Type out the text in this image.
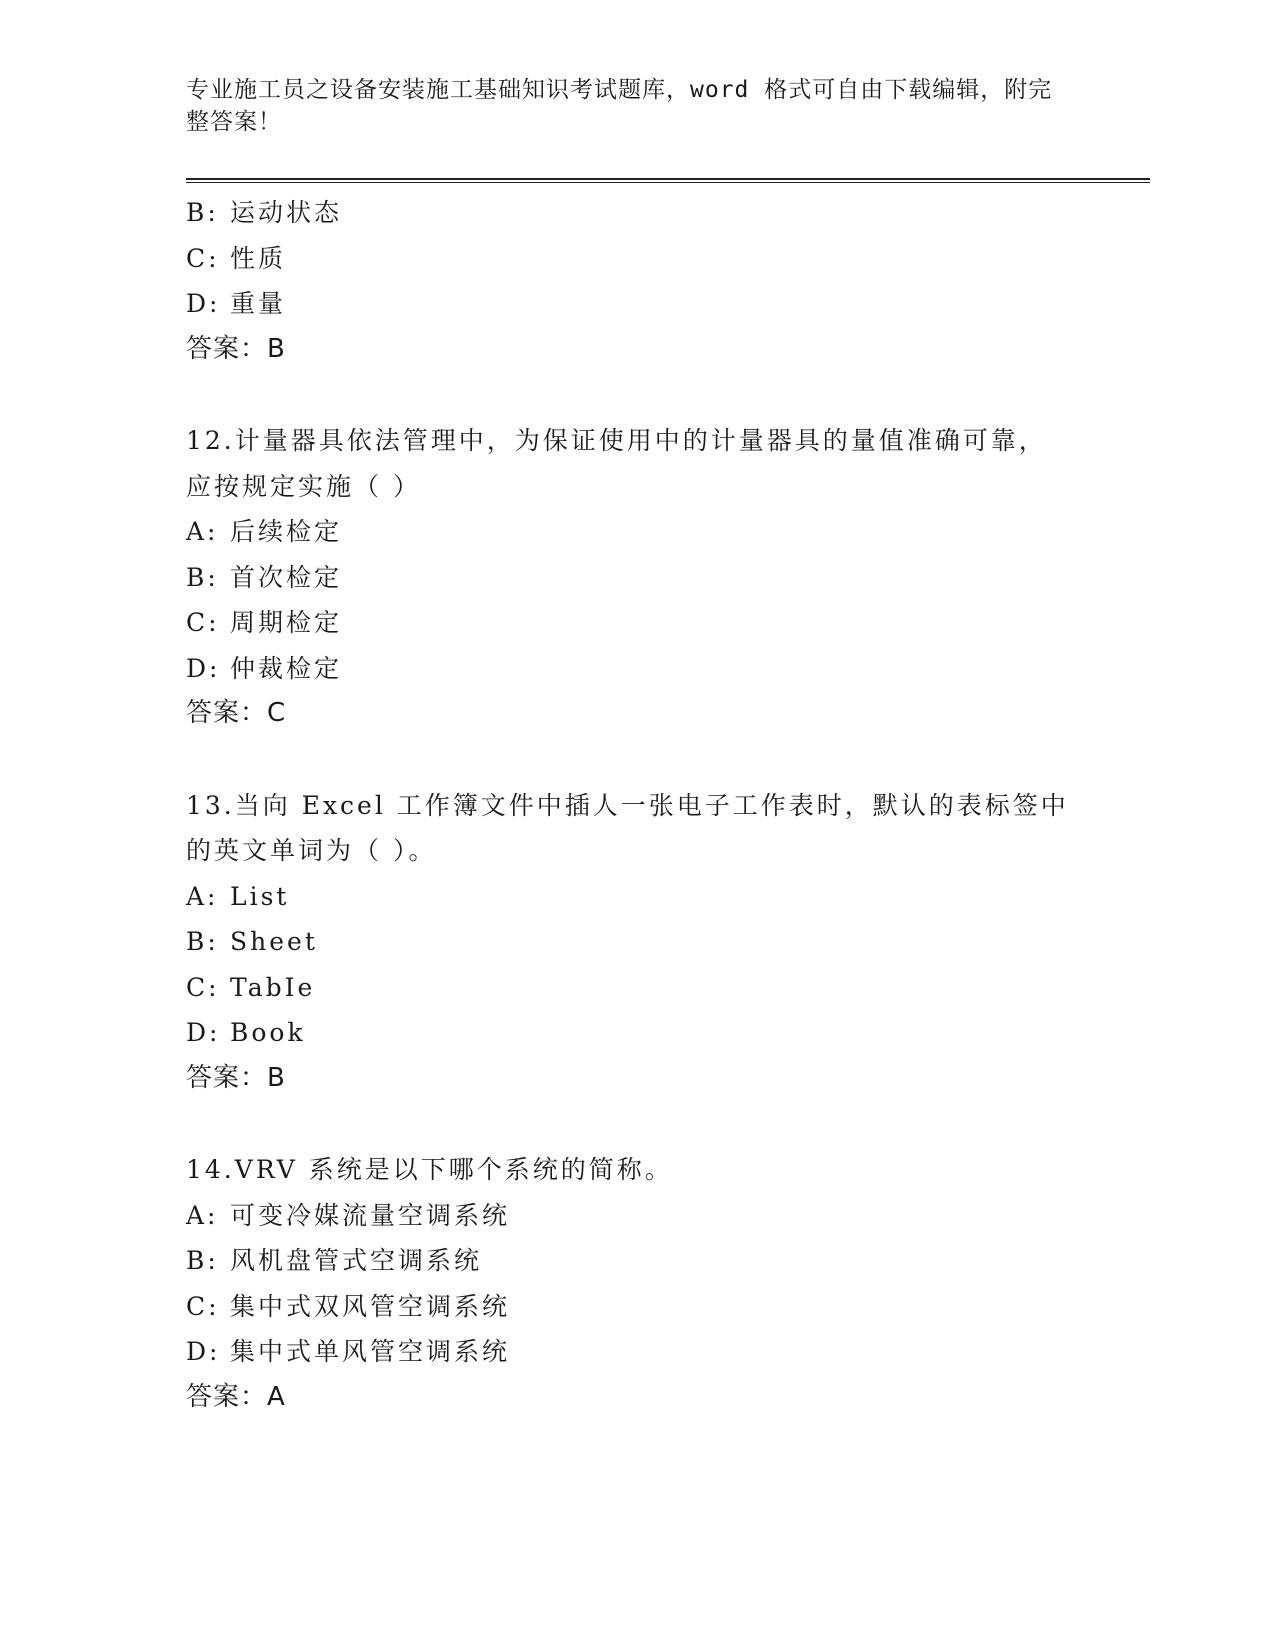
专业施工员之设备安装施工基础知识考试题库，word 格式可自由下载编辑，附完
整答案！
B: 运动状态
C: 性质
D: 重量
答案：B
12.计量器具依法管理中，为保证使用中的计量器具的量值准确可靠，
应按规定实施（ ）
A: 后续检定
B: 首次检定
C: 周期检定
D: 仲裁检定
答案：C
13.当向 Excel 工作簿文件中插人一张电子工作表时，默认的表标签中
的英文单词为（ ）。
A: List
B: Sheet
C: TabIe
D: Book
答案：B
14.VRV 系统是以下哪个系统的简称。
A: 可变冷媒流量空调系统
B: 风机盘管式空调系统
C: 集中式双风管空调系统
D: 集中式单风管空调系统
答案：A
